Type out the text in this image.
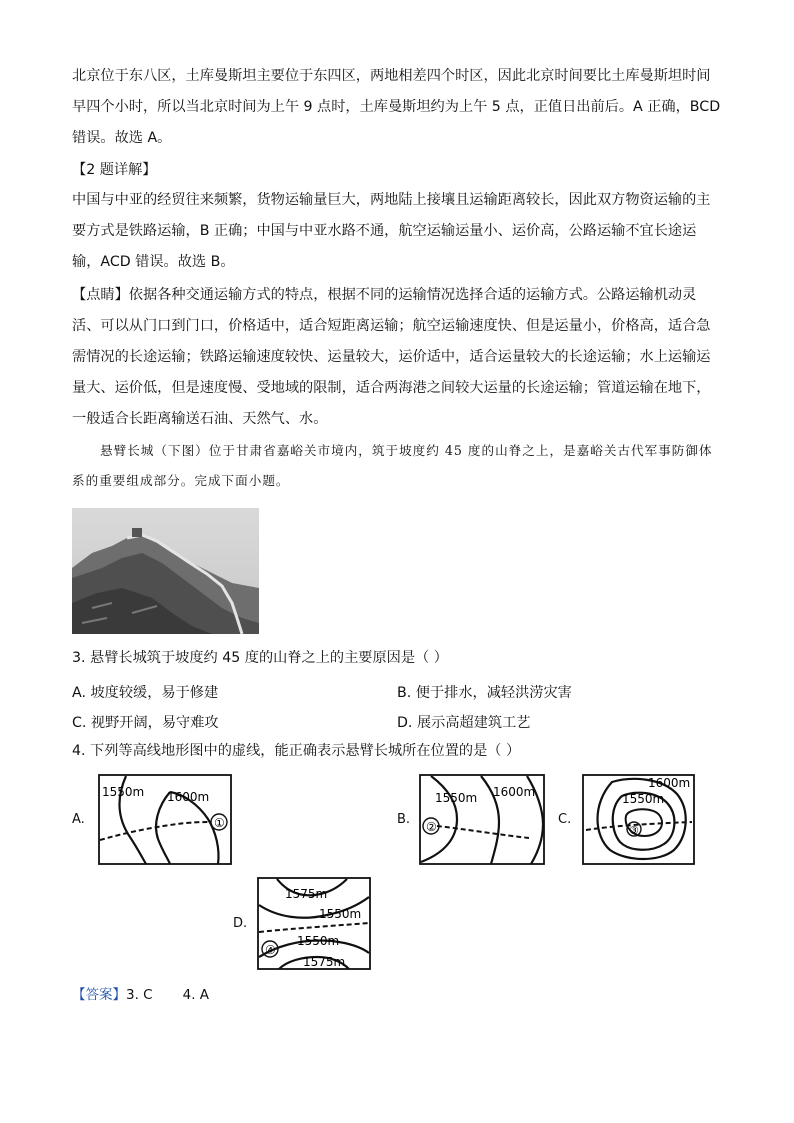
北京位于东八区，土库曼斯坦主要位于东四区，两地相差四个时区，因此北京时间要比土库曼斯坦时间早四个小时，所以当北京时间为上午 9 点时，土库曼斯坦约为上午 5 点，正值日出前后。A 正确，BCD 错误。故选 A。
【2 题详解】
中国与中亚的经贸往来频繁，货物运输量巨大，两地陆上接壤且运输距离较长，因此双方物资运输的主要方式是铁路运输，B 正确；中国与中亚水路不通，航空运输运量小、运价高，公路运输不宜长途运输，ACD 错误。故选 B。
【点睛】依据各种交通运输方式的特点，根据不同的运输情况选择合适的运输方式。公路运输机动灵活、可以从门口到门口，价格适中，适合短距离运输；航空运输速度快、但是运量小，价格高，适合急需情况的长途运输；铁路运输速度较快、运量较大，运价适中，适合运量较大的长途运输；水上运输运量大、运价低，但是速度慢、受地域的限制，适合两海港之间较大运量的长途运输；管道运输在地下，一般适合长距离输送石油、天然气、水。
悬臂长城（下图）位于甘肃省嘉峪关市境内，筑于坡度约 45 度的山脊之上，是嘉峪关古代军事防御体系的重要组成部分。完成下面小题。
3. 悬臂长城筑于坡度约 45 度的山脊之上的主要原因是（ ）
A. 坡度较缓，易于修建	B. 便于排水，减轻洪涝灾害
C. 视野开阔，易守难攻	D. 展示高超建筑工艺
4. 下列等高线地形图中的虚线，能正确表示悬臂长城所在位置的是（ ）
A.
1550m 1600m
①	B.
1550m 1600m
②	C.
1600m
1550m
③
D.
1575m
1550m
1550m
1575m
④
【答案】3. C 4. A
